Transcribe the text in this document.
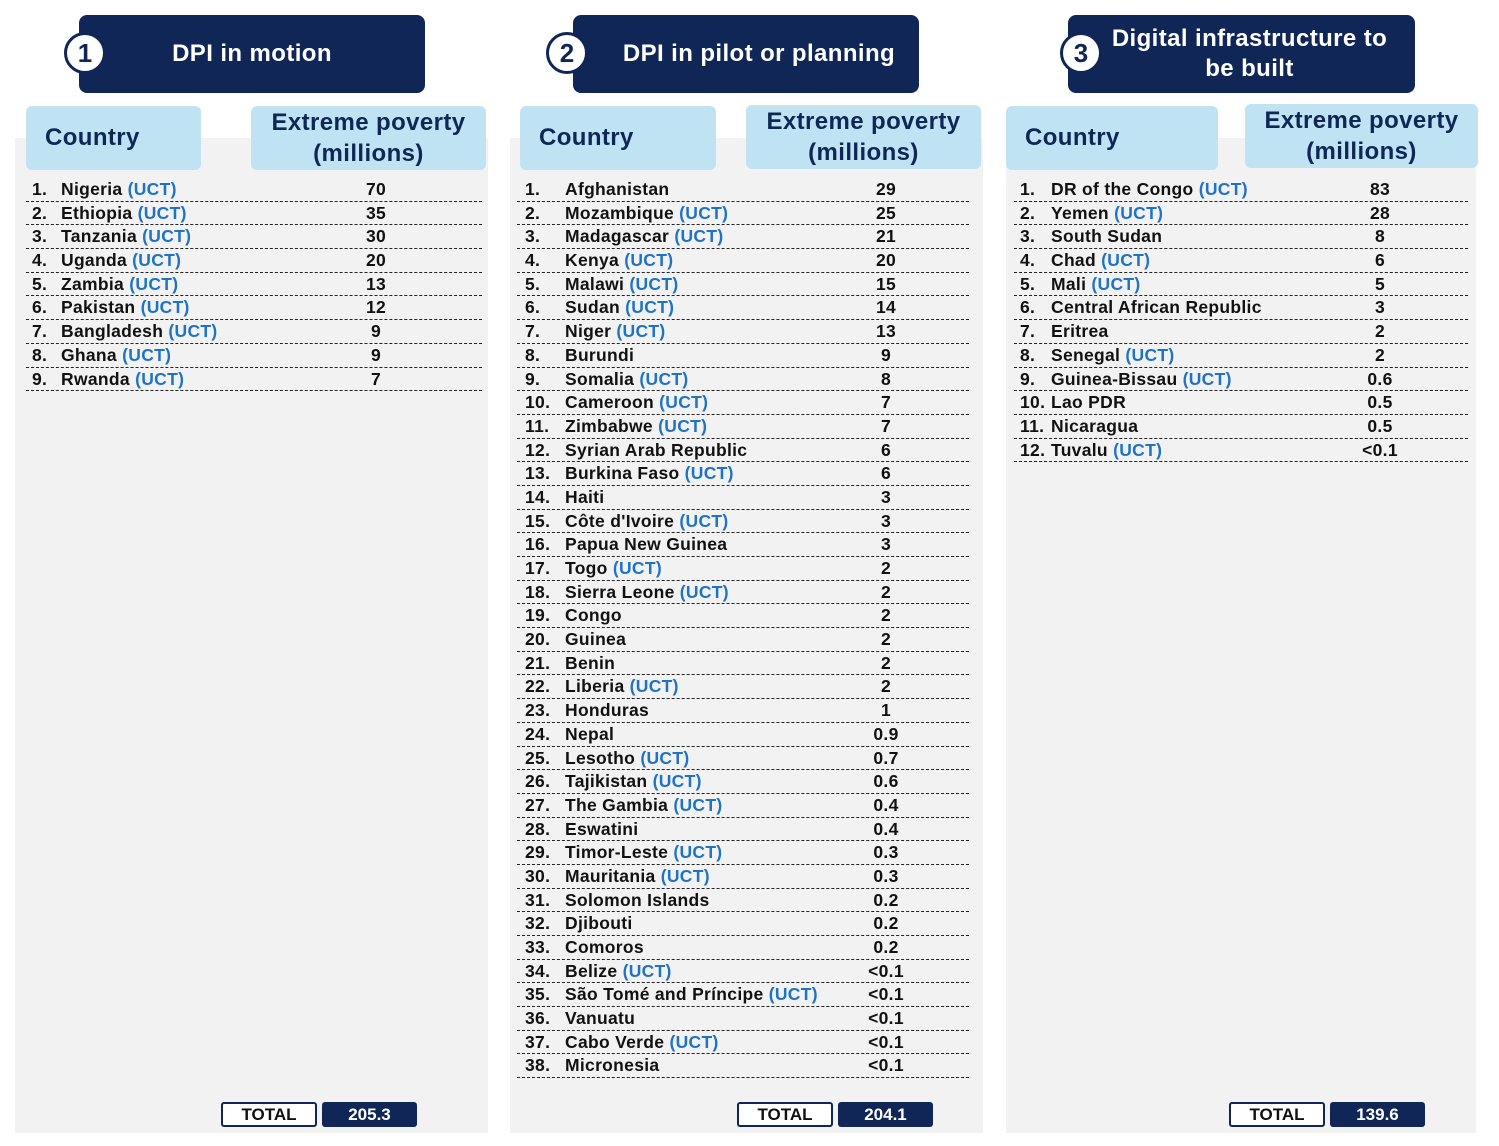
DPI in motion
1
Country
Extreme poverty
(millions)
1. Nigeria (UCT)	70
2. Ethiopia (UCT)	35
3. Tanzania (UCT)	30
4. Uganda (UCT)	20
5. Zambia (UCT)	13
6. Pakistan (UCT)	12
7. Bangladesh (UCT)	9
8. Ghana (UCT)	9
9. Rwanda (UCT)	7
TOTAL	205.3
DPI in pilot or planning
2
Country
Extreme poverty
(millions)
1. Afghanistan	29
2. Mozambique (UCT)	25
3. Madagascar (UCT)	21
4. Kenya (UCT)	20
5. Malawi (UCT)	15
6. Sudan (UCT)	14
7. Niger (UCT)	13
8. Burundi	9
9. Somalia (UCT)	8
10. Cameroon (UCT)	7
11. Zimbabwe (UCT)	7
12. Syrian Arab Republic	6
13. Burkina Faso (UCT)	6
14. Haiti	3
15. Côte d'Ivoire (UCT)	3
16. Papua New Guinea	3
17. Togo (UCT)	2
18. Sierra Leone (UCT)	2
19. Congo	2
20. Guinea	2
21. Benin	2
22. Liberia (UCT)	2
23. Honduras	1
24. Nepal	0.9
25. Lesotho (UCT)	0.7
26. Tajikistan (UCT)	0.6
27. The Gambia (UCT)	0.4
28. Eswatini	0.4
29. Timor-Leste (UCT)	0.3
30. Mauritania (UCT)	0.3
31. Solomon Islands	0.2
32. Djibouti	0.2
33. Comoros	0.2
34. Belize (UCT)	<0.1
35. São Tomé and Príncipe (UCT)	<0.1
36. Vanuatu	<0.1
37. Cabo Verde (UCT)	<0.1
38. Micronesia	<0.1
TOTAL	204.1
Digital infrastructure to
be built
3
Country
Extreme poverty
(millions)
1. DR of the Congo (UCT)	83
2. Yemen (UCT)	28
3. South Sudan	8
4. Chad (UCT)	6
5. Mali (UCT)	5
6. Central African Republic	3
7. Eritrea	2
8. Senegal (UCT)	2
9. Guinea-Bissau (UCT)	0.6
10. Lao PDR	0.5
11. Nicaragua	0.5
12. Tuvalu (UCT)	<0.1
TOTAL	139.6
